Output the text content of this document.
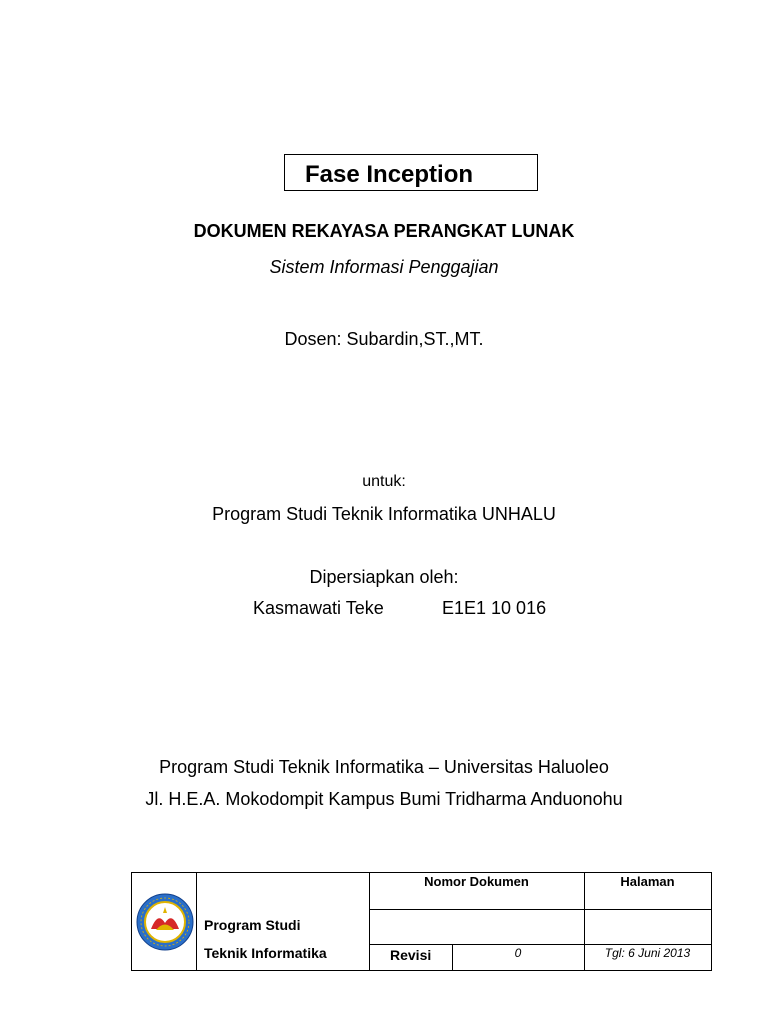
Fase Inception
DOKUMEN REKAYASA PERANGKAT LUNAK
Sistem Informasi Penggajian
Dosen: Subardin,ST.,MT.
untuk:
Program Studi Teknik Informatika UNHALU
Dipersiapkan oleh:
Kasmawati Teke	E1E1 10 016
Program Studi Teknik Informatika – Universitas Haluoleo
Jl. H.E.A. Mokodompit Kampus Bumi Tridharma Anduonohu
Program Studi
Teknik Informatika
Nomor Dokumen	Halaman
Revisi	0	Tgl: 6 Juni 2013
